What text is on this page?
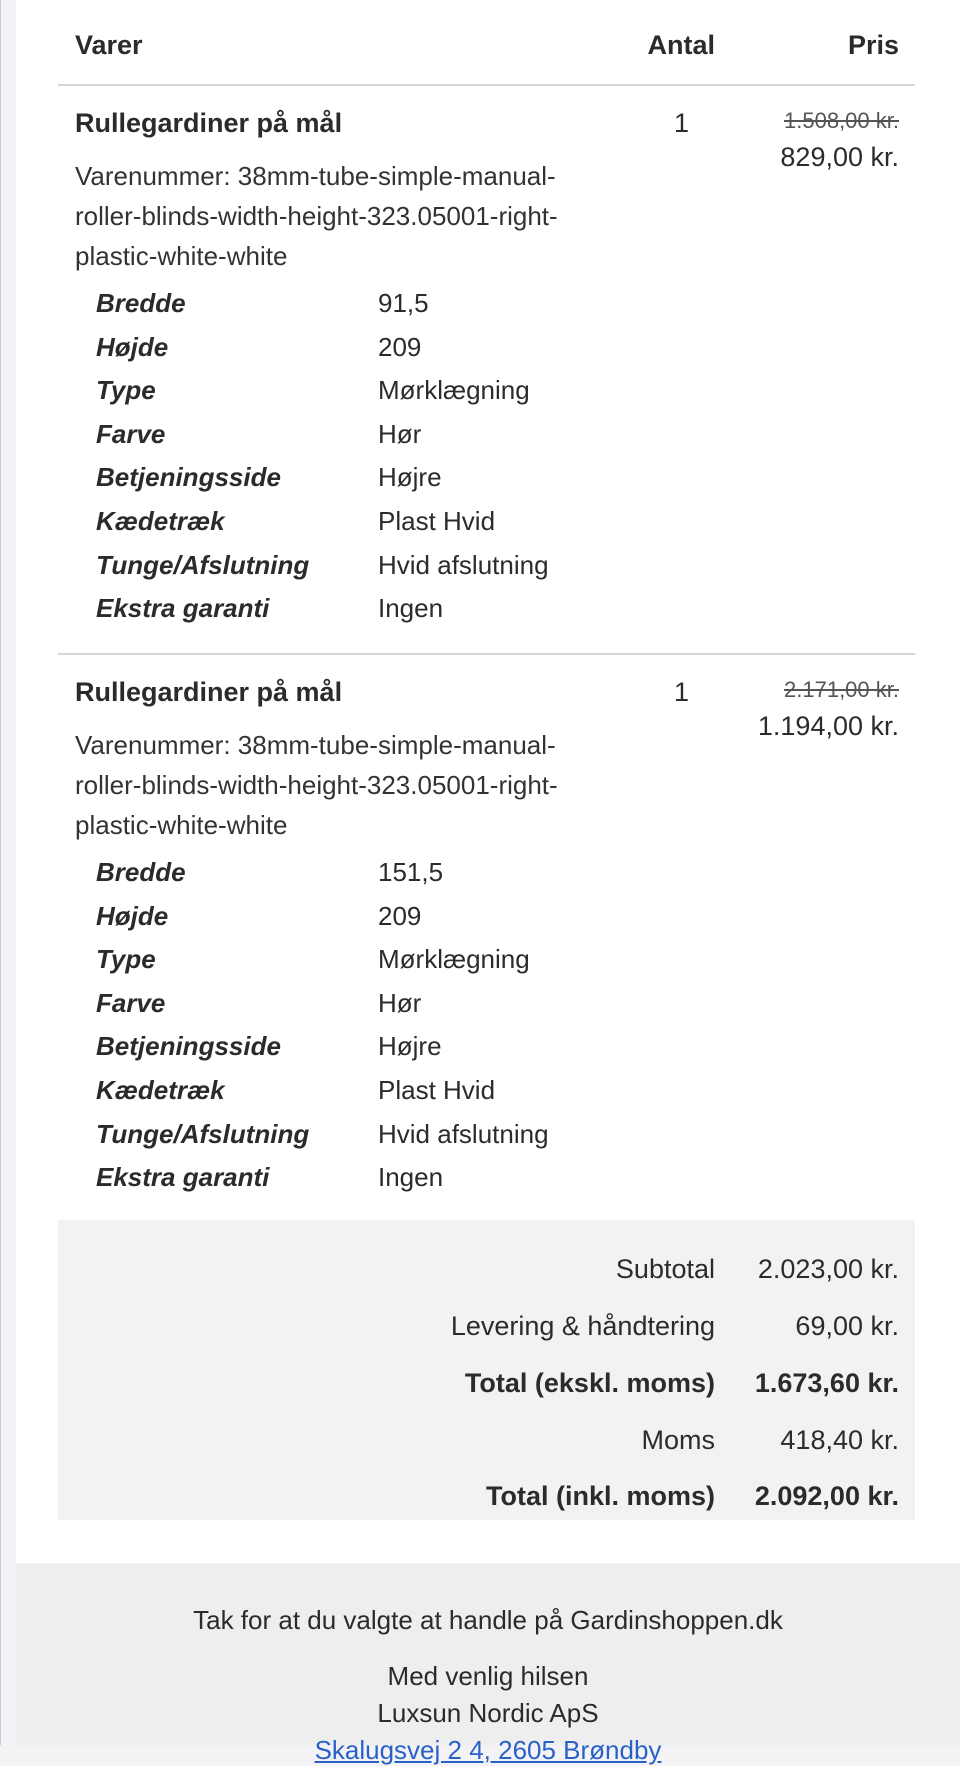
Varer	Antal	Pris
Rullegardiner på mål
Varenummer: 38mm-tube-simple-manual-roller-blinds-width-height-323.05001-right-plastic-white-white
1	1.508,00 kr.
829,00 kr.
Bredde	91,5
Højde	209
Type	Mørklægning
Farve	Hør
Betjeningsside	Højre
Kædetræk	Plast Hvid
Tunge/Afslutning	Hvid afslutning
Ekstra garanti	Ingen
Rullegardiner på mål
Varenummer: 38mm-tube-simple-manual-roller-blinds-width-height-323.05001-right-plastic-white-white
1	2.171,00 kr.
1.194,00 kr.
Bredde	151,5
Højde	209
Type	Mørklægning
Farve	Hør
Betjeningsside	Højre
Kædetræk	Plast Hvid
Tunge/Afslutning	Hvid afslutning
Ekstra garanti	Ingen
Subtotal 2.023,00 kr.
Levering & håndtering	69,00 kr.
Total (ekskl. moms) 1.673,60 kr.
Moms 418,40 kr.
Total (inkl. moms) 2.092,00 kr.
Tak for at du valgte at handle på Gardinshoppen.dk
Med venlig hilsen
Luxsun Nordic ApS
Skalugsvej 2 4, 2605 Brøndby
